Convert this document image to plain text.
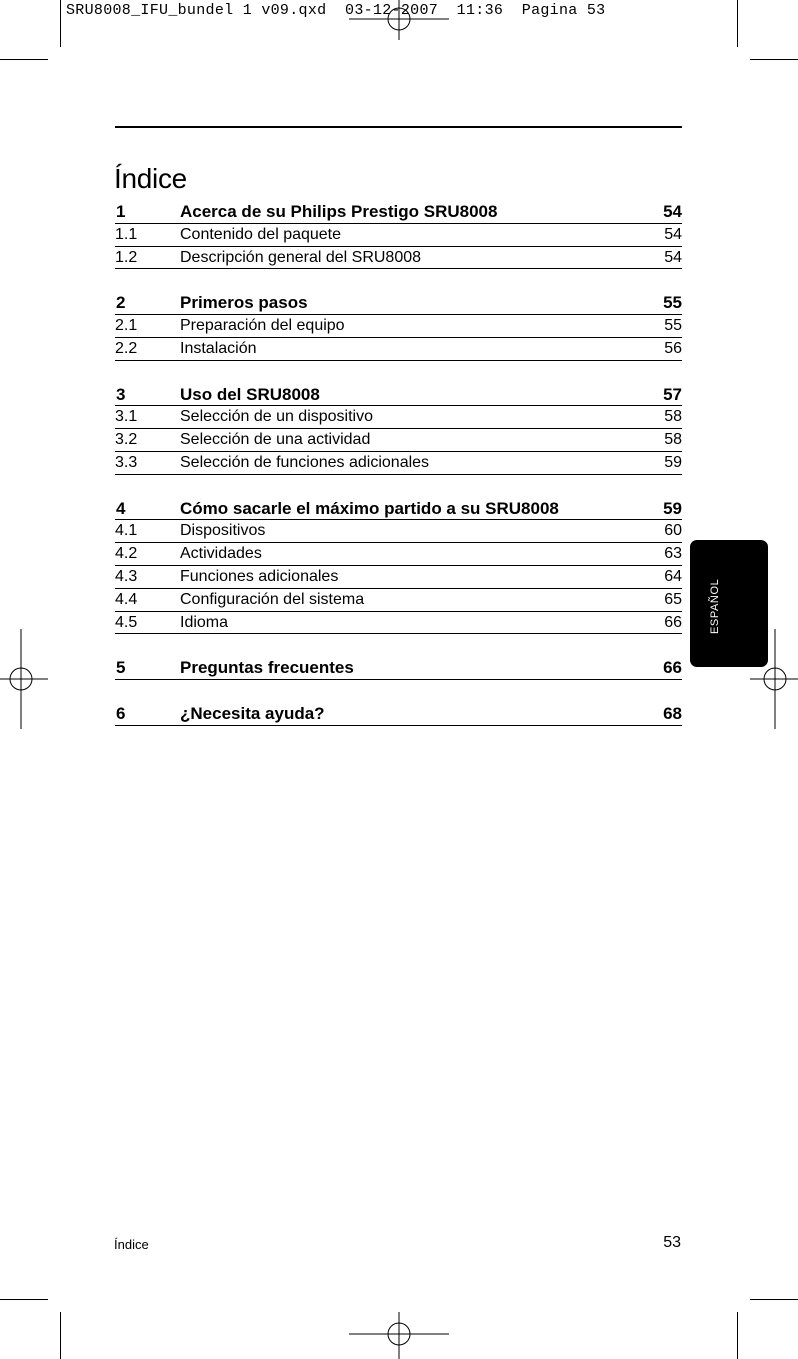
SRU8008_IFU_bundel 1 v09.qxd  03-12-2007  11:36  Pagina 53
Índice
1	Acerca de su Philips Prestigo SRU8008	54
1.1	Contenido del paquete	54
1.2	Descripción general del SRU8008	54
2	Primeros pasos	55
2.1	Preparación del equipo	55
2.2	Instalación	56
3	Uso del SRU8008	57
3.1	Selección de un dispositivo	58
3.2	Selección de una actividad	58
3.3	Selección de funciones adicionales	59
4	Cómo sacarle el máximo partido a su SRU8008	59
4.1	Dispositivos	60
4.2	Actividades	63
4.3	Funciones adicionales	64
4.4	Configuración del sistema	65
4.5	Idioma	66
5	Preguntas frecuentes	66
6	¿Necesita ayuda?	68
ESPAÑOL
Índice	53
